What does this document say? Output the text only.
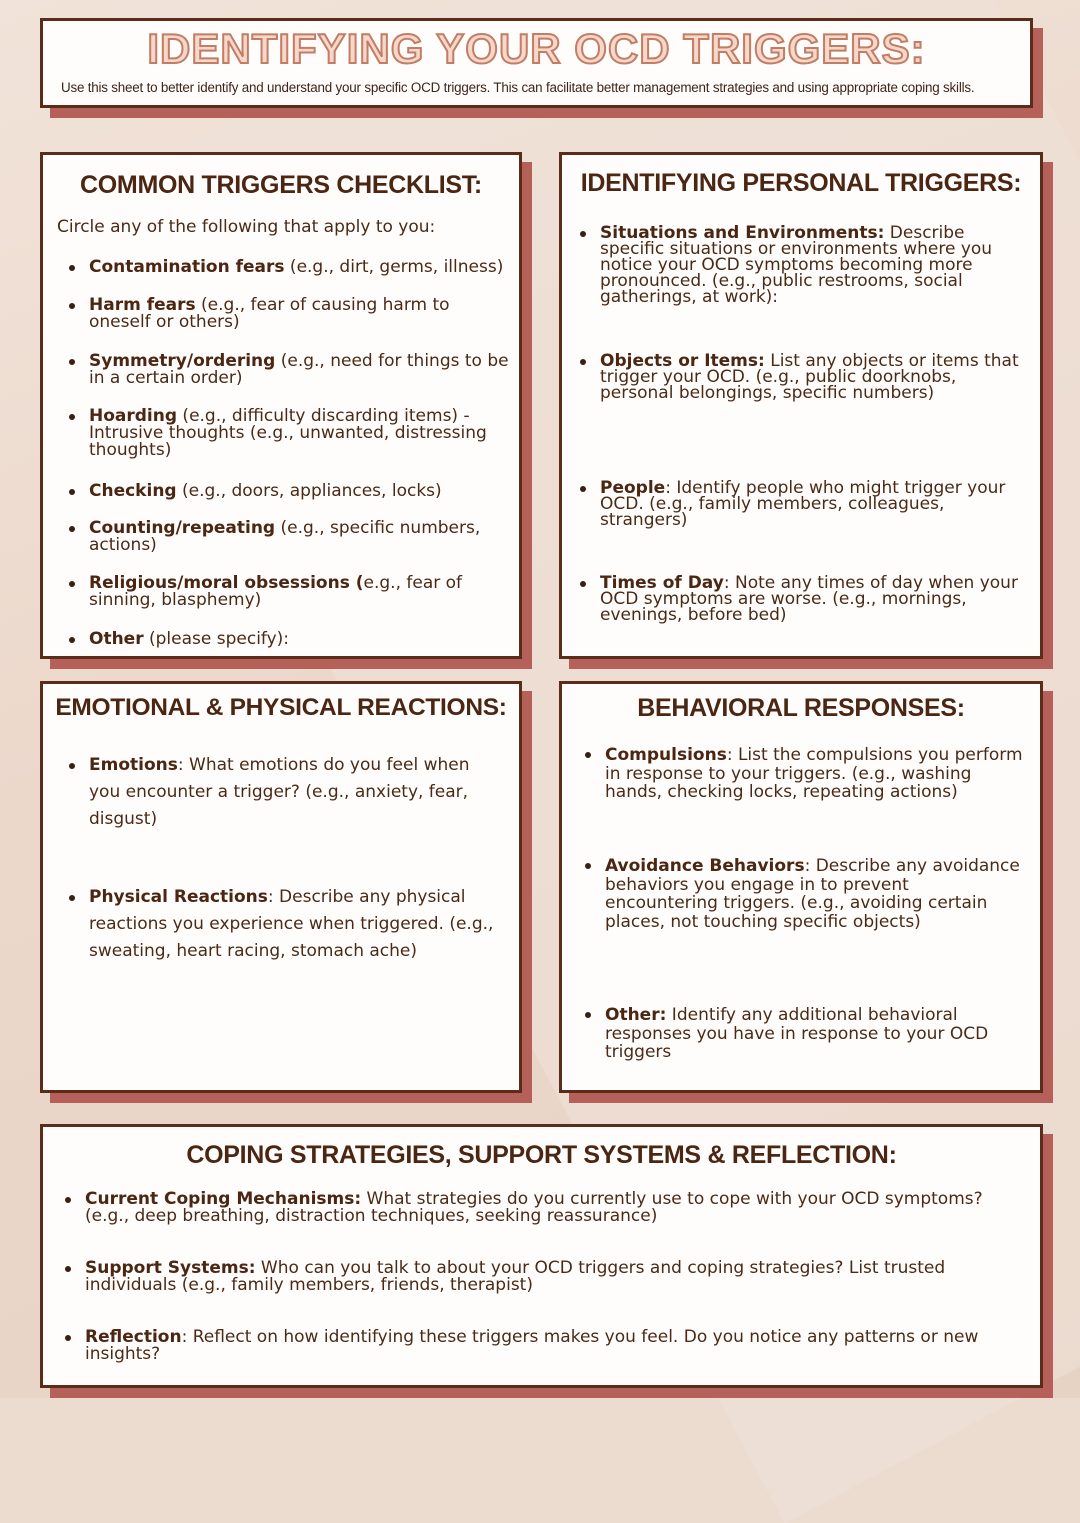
IDENTIFYING YOUR OCD TRIGGERS:
Use this sheet to better identify and understand your specific OCD triggers. This can facilitate better management strategies and using appropriate coping skills.
COMMON TRIGGERS CHECKLIST:
Circle any of the following that apply to you:
Contamination fears (e.g., dirt, germs, illness)
Harm fears (e.g., fear of causing harm to oneself or others)
Symmetry/ordering (e.g., need for things to be in a certain order)
Hoarding (e.g., difficulty discarding items) - Intrusive thoughts (e.g., unwanted, distressing thoughts)
Checking (e.g., doors, appliances, locks)
Counting/repeating (e.g., specific numbers, actions)
Religious/moral obsessions (e.g., fear of sinning, blasphemy)
Other (please specify):
IDENTIFYING PERSONAL TRIGGERS:
Situations and Environments: Describe specific situations or environments where you notice your OCD symptoms becoming more pronounced. (e.g., public restrooms, social gatherings, at work):
Objects or Items: List any objects or items that trigger your OCD. (e.g., public doorknobs, personal belongings, specific numbers)
People: Identify people who might trigger your OCD. (e.g., family members, colleagues, strangers)
Times of Day: Note any times of day when your OCD symptoms are worse. (e.g., mornings, evenings, before bed)
EMOTIONAL & PHYSICAL REACTIONS:
Emotions: What emotions do you feel when you encounter a trigger? (e.g., anxiety, fear, disgust)
Physical Reactions: Describe any physical reactions you experience when triggered. (e.g., sweating, heart racing, stomach ache)
BEHAVIORAL RESPONSES:
Compulsions: List the compulsions you perform in response to your triggers. (e.g., washing hands, checking locks, repeating actions)
Avoidance Behaviors: Describe any avoidance behaviors you engage in to prevent encountering triggers. (e.g., avoiding certain places, not touching specific objects)
Other: Identify any additional behavioral responses you have in response to your OCD triggers
COPING STRATEGIES, SUPPORT SYSTEMS & REFLECTION:
Current Coping Mechanisms: What strategies do you currently use to cope with your OCD symptoms? (e.g., deep breathing, distraction techniques, seeking reassurance)
Support Systems: Who can you talk to about your OCD triggers and coping strategies? List trusted individuals (e.g., family members, friends, therapist)
Reflection: Reflect on how identifying these triggers makes you feel. Do you notice any patterns or new insights?
